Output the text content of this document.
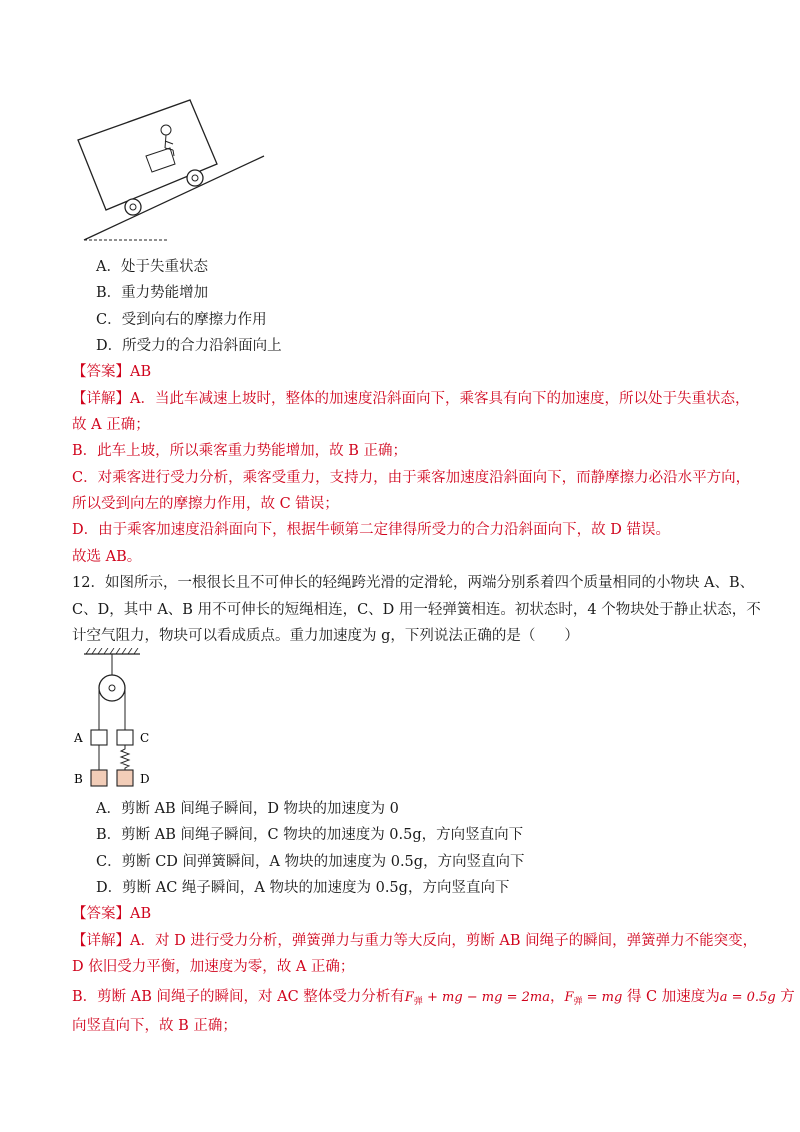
A．处于失重状态
B．重力势能增加
C．受到向右的摩擦力作用
D．所受力的合力沿斜面向上
【答案】AB
【详解】A．当此车减速上坡时，整体的加速度沿斜面向下，乘客具有向下的加速度，所以处于失重状态，
故 A 正确；
B．此车上坡，所以乘客重力势能增加，故 B 正确；
C．对乘客进行受力分析，乘客受重力，支持力，由于乘客加速度沿斜面向下，而静摩擦力必沿水平方向，
所以受到向左的摩擦力作用，故 C 错误；
D．由于乘客加速度沿斜面向下，根据牛顿第二定律得所受力的合力沿斜面向下，故 D 错误。
故选 AB。
12．如图所示，一根很长且不可伸长的轻绳跨光滑的定滑轮，两端分别系着四个质量相同的小物块 A、B、
C、D，其中 A、B 用不可伸长的短绳相连，C、D 用一轻弹簧相连。初状态时，4 个物块处于静止状态，不
计空气阻力，物块可以看成质点。重力加速度为 g，下列说法正确的是（　　）
A	C
B	D
A．剪断 AB 间绳子瞬间，D 物块的加速度为 0
B．剪断 AB 间绳子瞬间，C 物块的加速度为 0.5g，方向竖直向下
C．剪断 CD 间弹簧瞬间，A 物块的加速度为 0.5g，方向竖直向下
D．剪断 AC 绳子瞬间，A 物块的加速度为 0.5g，方向竖直向下
【答案】AB
【详解】A．对 D 进行受力分析，弹簧弹力与重力等大反向，剪断 AB 间绳子的瞬间，弹簧弹力不能突变，
D 依旧受力平衡，加速度为零，故 A 正确；
B．剪断 AB 间绳子的瞬间，对 AC 整体受力分析有$F_弹$ + mg − mg = 2ma，$F_弹$ = mg 得 C 加速度为a = 0.5g 方
向竖直向下，故 B 正确；
